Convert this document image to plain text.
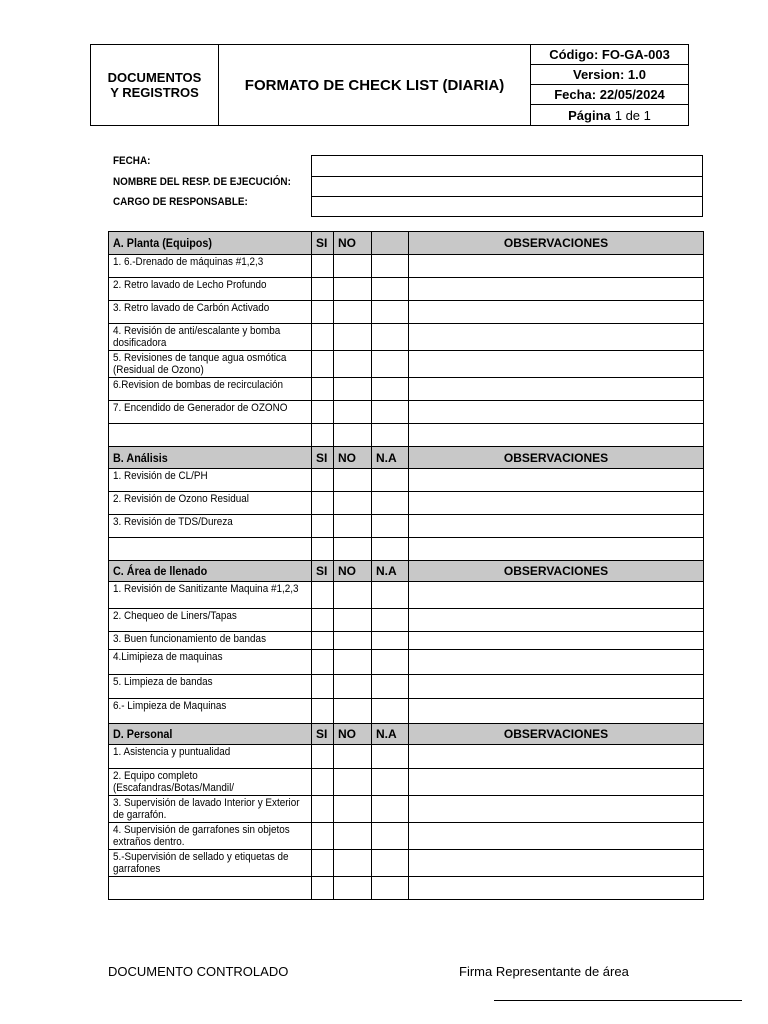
DOCUMENTOS
Y REGISTROS	FORMATO DE CHECK LIST (DIARIA)
Código: FO-GA-003
Version: 1.0
Fecha: 22/05/2024
Página 1 de 1
FECHA:
NOMBRE DEL RESP. DE EJECUCIÓN:
CARGO DE RESPONSABLE:
A. Planta (Equipos)	SI	NO		OBSERVACIONES
1. 6.-Drenado de máquinas #1,2,3				
2. Retro lavado de Lecho Profundo				
3. Retro lavado de Carbón Activado				
4. Revisión de anti/escalante y bomba dosificadora				
5. Revisiones de tanque agua osmótica (Residual de Ozono)				
6.Revision de bombas de recirculación				
7. Encendido de Generador de OZONO				

B. Análisis	SI	NO	N.A	OBSERVACIONES
1. Revisión de CL/PH				
2. Revisión de Ozono Residual				
3. Revisión de TDS/Dureza				

C. Área de llenado	SI	NO	N.A	OBSERVACIONES
1. Revisión de Sanitizante Maquina #1,2,3				
2. Chequeo de Liners/Tapas				
3. Buen funcionamiento de bandas				
4.Limipieza de maquinas				
5. Limpieza de bandas				
6.- Limpieza de Maquinas				
D. Personal	SI	NO	N.A	OBSERVACIONES
1. Asistencia y puntualidad				
2. Equipo completo (Escafandras/Botas/Mandil/				
3. Supervisión de lavado Interior y Exterior de garrafón.				
4. Supervisión de garrafones sin objetos extraños dentro.				
5.-Supervisión de sellado y etiquetas de garrafones				

DOCUMENTO CONTROLADO	Firma Representante de área
